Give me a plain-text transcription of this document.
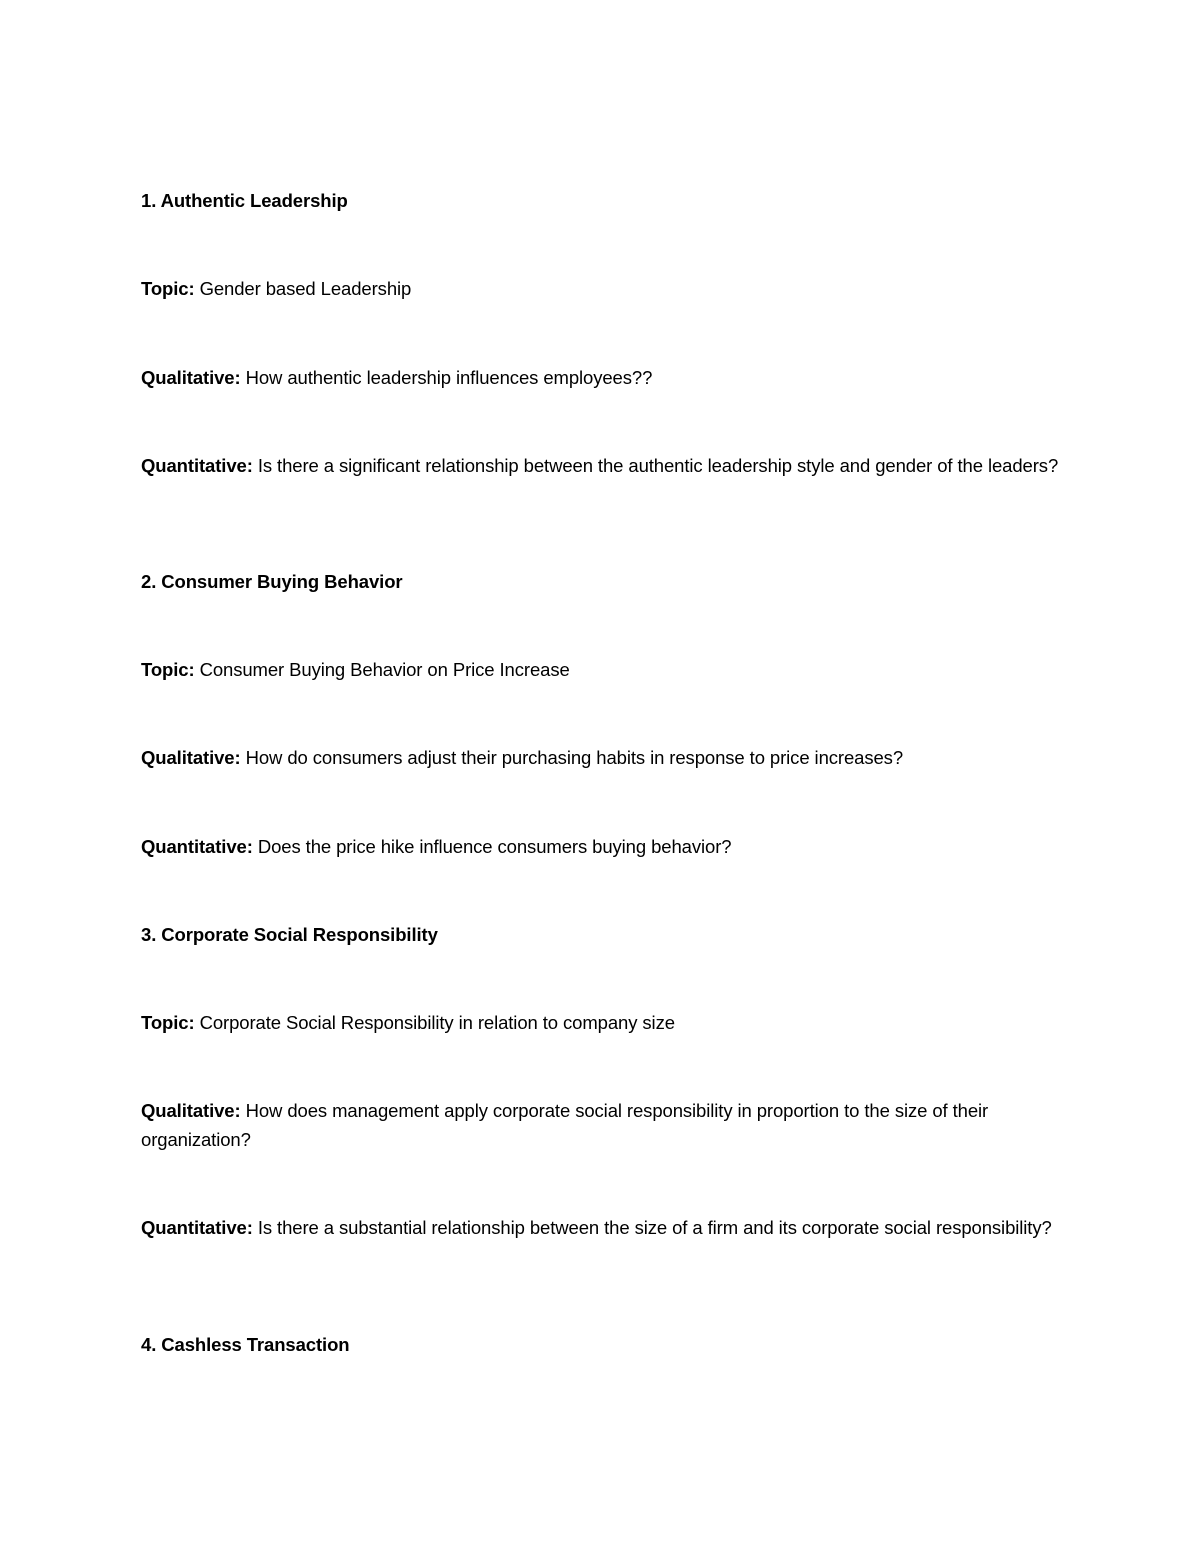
1. Authentic Leadership
Topic: Gender based Leadership
Qualitative: How authentic leadership influences employees??
Quantitative: Is there a significant relationship between the authentic leadership style and gender of the leaders?
2. Consumer Buying Behavior
Topic: Consumer Buying Behavior on Price Increase
Qualitative: How do consumers adjust their purchasing habits in response to price increases?
Quantitative: Does the price hike influence consumers buying behavior?
3. Corporate Social Responsibility
Topic: Corporate Social Responsibility in relation to company size
Qualitative: How does management apply corporate social responsibility in proportion to the size of their organization?
Quantitative: Is there a substantial relationship between the size of a firm and its corporate social responsibility?
4. Cashless Transaction
